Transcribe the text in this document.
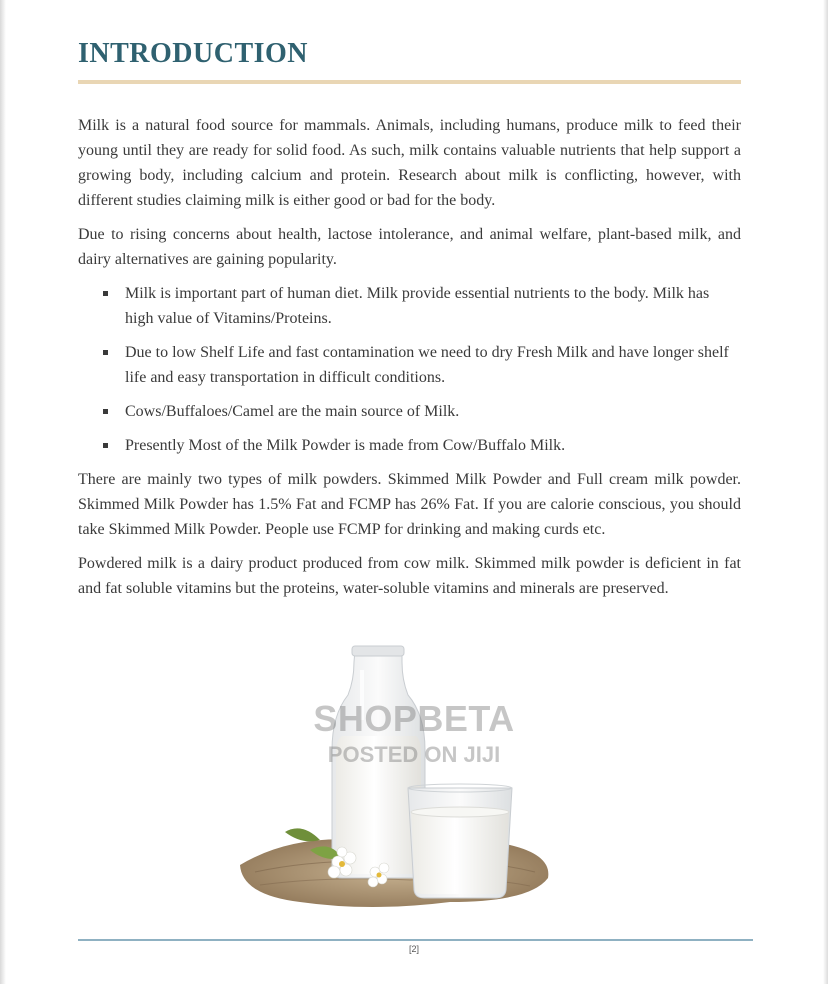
INTRODUCTION

Milk is a natural food source for mammals. Animals, including humans, produce milk to feed their young until they are ready for solid food. As such, milk contains valuable nutrients that help support a growing body, including calcium and protein. Research about milk is conflicting, however, with different studies claiming milk is either good or bad for the body.

Due to rising concerns about health, lactose intolerance, and animal welfare, plant-based milk, and dairy alternatives are gaining popularity.

Milk is important part of human diet. Milk provide essential nutrients to the body. Milk has high value of Vitamins/Proteins.
Due to low Shelf Life and fast contamination we need to dry Fresh Milk and have longer shelf life and easy transportation in difficult conditions.
Cows/Buffaloes/Camel are the main source of Milk.
Presently Most of the Milk Powder is made from Cow/Buffalo Milk.

There are mainly two types of milk powders. Skimmed Milk Powder and Full cream milk powder. Skimmed Milk Powder has 1.5% Fat and FCMP has 26% Fat. If you are calorie conscious, you should take Skimmed Milk Powder. People use FCMP for drinking and making curds etc.

Powdered milk is a dairy product produced from cow milk. Skimmed milk powder is deficient in fat and fat soluble vitamins but the proteins, water-soluble vitamins and minerals are preserved.

SHOPBETA
POSTED ON JIJI
[2]
